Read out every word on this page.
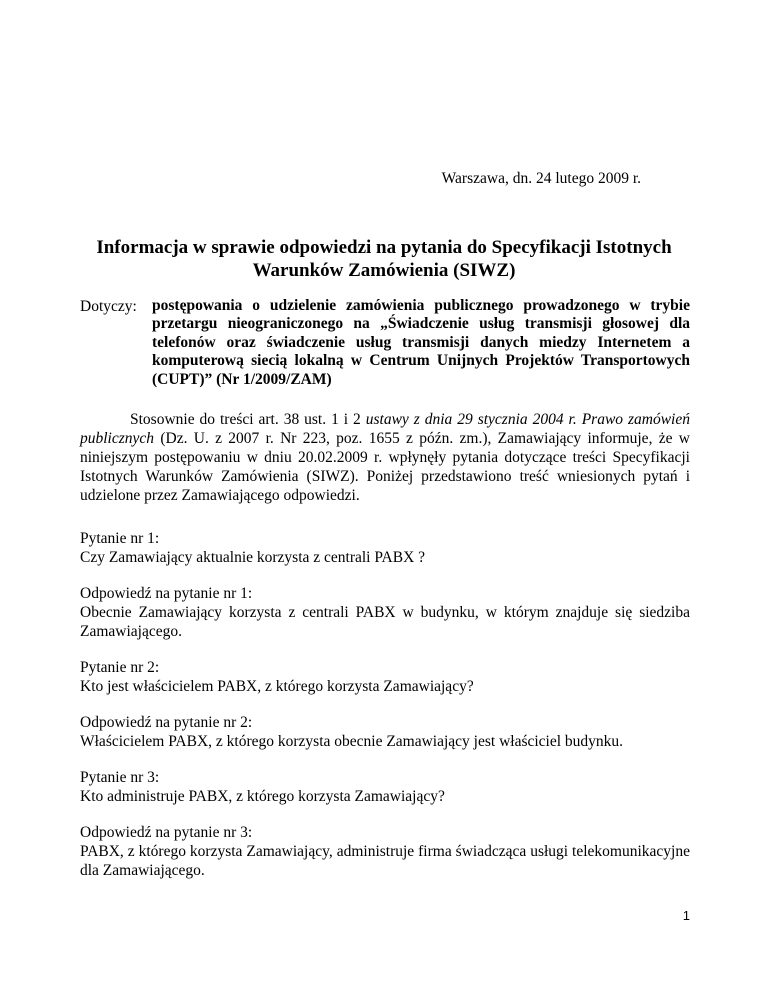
Warszawa, dn. 24 lutego 2009 r.
Informacja w sprawie odpowiedzi na pytania do Specyfikacji Istotnych
Warunków Zamówienia (SIWZ)
Dotyczy: postępowania o udzielenie zamówienia publicznego prowadzonego w trybie przetargu nieograniczonego na „Świadczenie usług transmisji głosowej dla telefonów oraz świadczenie usług transmisji danych miedzy Internetem a komputerową siecią lokalną w Centrum Unijnych Projektów Transportowych (CUPT)” (Nr 1/2009/ZAM)
Stosownie do treści art. 38 ust. 1 i 2 ustawy z dnia 29 stycznia 2004 r. Prawo zamówień publicznych (Dz. U. z 2007 r. Nr 223, poz. 1655 z późn. zm.), Zamawiający informuje, że w niniejszym postępowaniu w dniu 20.02.2009 r. wpłynęły pytania dotyczące treści Specyfikacji Istotnych Warunków Zamówienia (SIWZ). Poniżej przedstawiono treść wniesionych pytań i udzielone przez Zamawiającego odpowiedzi.
Pytanie nr 1:
Czy Zamawiający aktualnie korzysta z centrali PABX ?
Odpowiedź na pytanie nr 1:
Obecnie Zamawiający korzysta z centrali PABX w budynku, w którym znajduje się siedziba Zamawiającego.
Pytanie nr 2:
Kto jest właścicielem PABX, z którego korzysta Zamawiający?
Odpowiedź na pytanie nr 2:
Właścicielem PABX, z którego korzysta obecnie Zamawiający jest właściciel budynku.
Pytanie nr 3:
Kto administruje PABX, z którego korzysta Zamawiający?
Odpowiedź na pytanie nr 3:
PABX, z którego korzysta Zamawiający, administruje firma świadcząca usługi telekomunikacyjne dla Zamawiającego.
1
